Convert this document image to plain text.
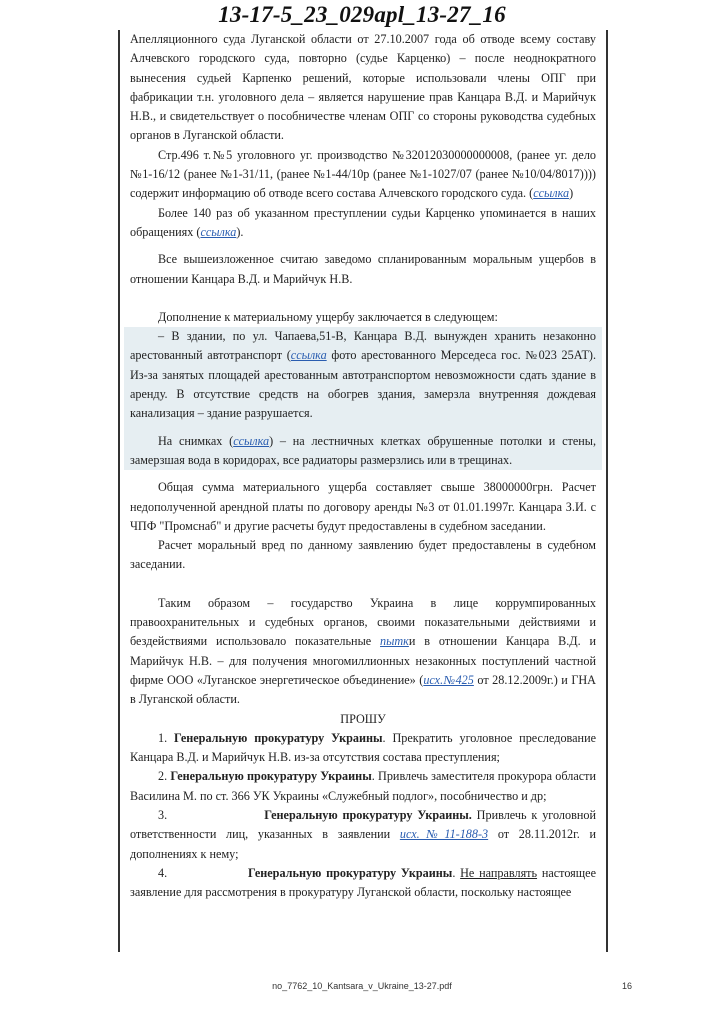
13-17-5_23_029apl_13-27_16

Апелляционного суда Луганской области от 27.10.2007 года об отводе всему составу Алчевского городского суда, повторно (судье Карценко) – после неоднократного вынесения судьей Карпенко решений, которые использовали члены ОПГ при фабрикации т.н. уголовного дела – является нарушение прав Канцара В.Д. и Марийчук Н.В., и свидетельствует о пособничестве членам ОПГ со стороны руководства судебных органов в Луганской области.

Стр.496 т.№5 уголовного уг. производство №32012030000000008, (ранее уг. дело №1-16/12 (ранее №1-31/11, (ранее №1-44/10р (ранее №1-1027/07 (ранее №10/04/8017)))) содержит информацию об отводе всего состава Алчевского городского суда. (ссылка)

Более 140 раз об указанном преступлении судьи Карценко упоминается в наших обращениях (ссылка).

Все вышеизложенное считаю заведомо спланированным моральным ущербов в отношении Канцара В.Д. и Марийчук Н.В.

Дополнение к материальному ущербу заключается в следующем:

– В здании, по ул. Чапаева,51-В, Канцара В.Д. вынужден хранить незаконно арестованный автотранспорт (ссылка фото арестованного Мерседеса гос. №023 25АТ). Из-за занятых площадей арестованным автотранспортом невозможности сдать здание в аренду. В отсутствие средств на обогрев здания, замерзла внутренняя дождевая канализация – здание разрушается.

На снимках (ссылка) – на лестничных клетках обрушенные потолки и стены, замерзшая вода в коридорах, все радиаторы размерзлись или в трещинах.

Общая сумма материального ущерба составляет свыше 38000000грн. Расчет недополученной арендной платы по договору аренды №3 от 01.01.1997г. Канцара З.И. с ЧПФ "Промснаб" и другие расчеты будут предоставлены в судебном заседании.

Расчет моральный вред по данному заявлению будет предоставлены в судебном заседании.

Таким образом – государство Украина в лице коррумпированных правоохранительных и судебных органов, своими показательными действиями и бездействиями использовало показательные пытки в отношении Канцара В.Д. и Марийчук Н.В. – для получения многомиллионных незаконных поступлений частной фирме ООО «Луганское энергетическое объединение» (исх.№425 от 28.12.2009г.) и ГНА в Луганской области.

ПРОШУ

1. Генеральную прокуратуру Украины. Прекратить уголовное преследование Канцара В.Д. и Марийчук Н.В. из-за отсутствия состава преступления;

2. Генеральную прокуратуру Украины. Привлечь заместителя прокурора области Василина М. по ст. 366 УК Украины «Служебный подлог», пособничество и др;

3.	Генеральную прокуратуру Украины. Привлечь к уголовной ответственности лиц, указанных в заявлении исх.№11-188-3 от 28.11.2012г. и дополнениях к нему;

4.	Генеральную прокуратуру Украины. Не направлять настоящее заявление для рассмотрения в прокуратуру Луганской области, поскольку настоящее

no_7762_10_Kantsara_v_Ukraine_13-27.pdf	16
